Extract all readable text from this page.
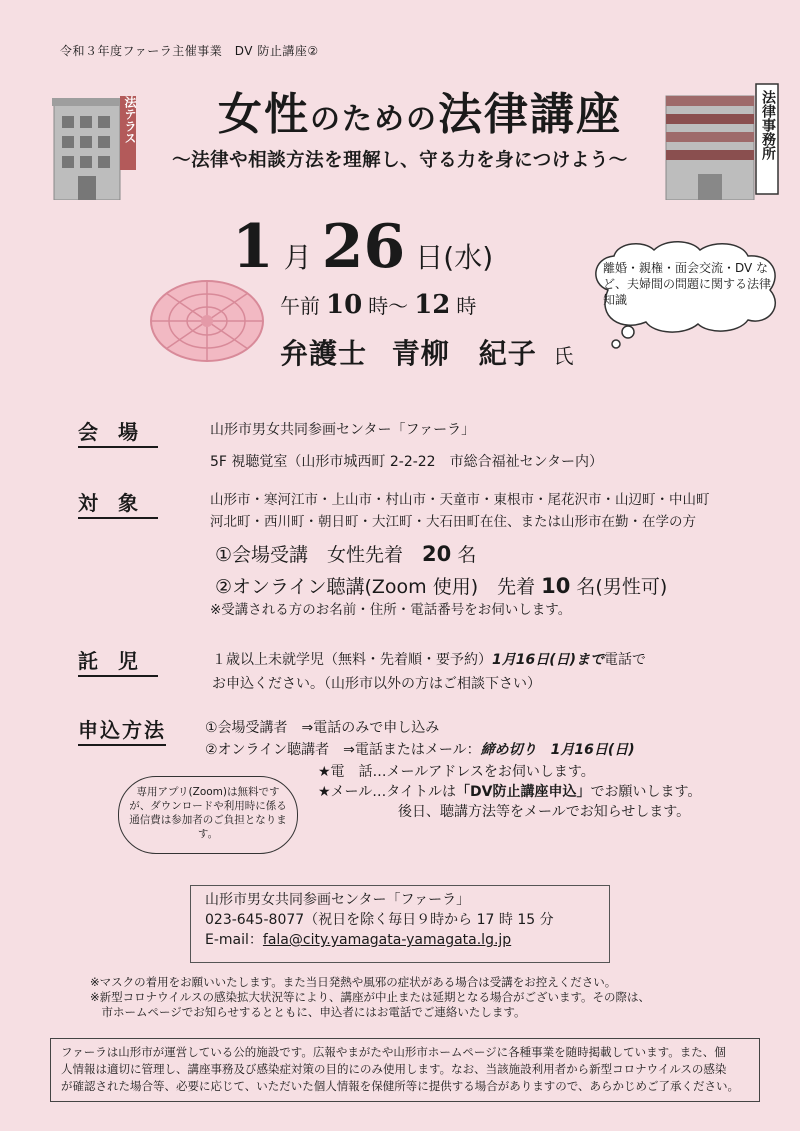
令和３年度ファーラ主催事業　DV 防止講座②
法テラス	法律事務所
女性のための法律講座
～法律や相談方法を理解し、守る力を身につけよう～
1 月 26 日(水)
午前 10 時～ 12 時
弁護士 青柳　紀子 氏
離婚・親権・面会交流・DV など、夫婦間の問題に関する法律知識
会場	山形市男女共同参画センター「ファーラ」
5F 視聴覚室（山形市城西町 2-2-22　市総合福祉センター内）
対象	山形市・寒河江市・上山市・村山市・天童市・東根市・尾花沢市・山辺町・中山町
河北町・西川町・朝日町・大江町・大石田町在住、または山形市在勤・在学の方
①会場受講　女性先着　20 名
②オンライン聴講(Zoom 使用)　先着 10 名(男性可)
※受講される方のお名前・住所・電話番号をお伺いします。
託児	１歳以上未就学児（無料・先着順・要予約）1月16日(日)まで電話で
お申込ください。（山形市以外の方はご相談下さい）
申込方法	①会場受講者　⇒電話のみで申し込み
②オンライン聴講者　⇒電話またはメール：締め切り　1月16日(日)
★電　話…メールアドレスをお伺いします。
★メール…タイトルは「DV防止講座申込」でお願いします。
後日、聴講方法等をメールでお知らせします。
専用アプリ(Zoom)は無料ですが、ダウンロードや利用時に係る通信費は参加者のご負担となります。
山形市男女共同参画センター「ファーラ」
023-645-8077（祝日を除く毎日９時から 17 時 15 分
E-mail：fala@city.yamagata-yamagata.lg.jp
※マスクの着用をお願いいたします。また当日発熱や風邪の症状がある場合は受講をお控えください。
※新型コロナウイルスの感染拡大状況等により、講座が中止または延期となる場合がございます。その際は、
　市ホームページでお知らせするとともに、申込者にはお電話でご連絡いたします。
ファーラは山形市が運営している公的施設です。広報やまがたや山形市ホームページに各種事業を随時掲載しています。また、個
人情報は適切に管理し、講座事務及び感染症対策の目的にのみ使用します。なお、当該施設利用者から新型コロナウイルスの感染
が確認された場合等、必要に応じて、いただいた個人情報を保健所等に提供する場合がありますので、あらかじめご了承ください。
